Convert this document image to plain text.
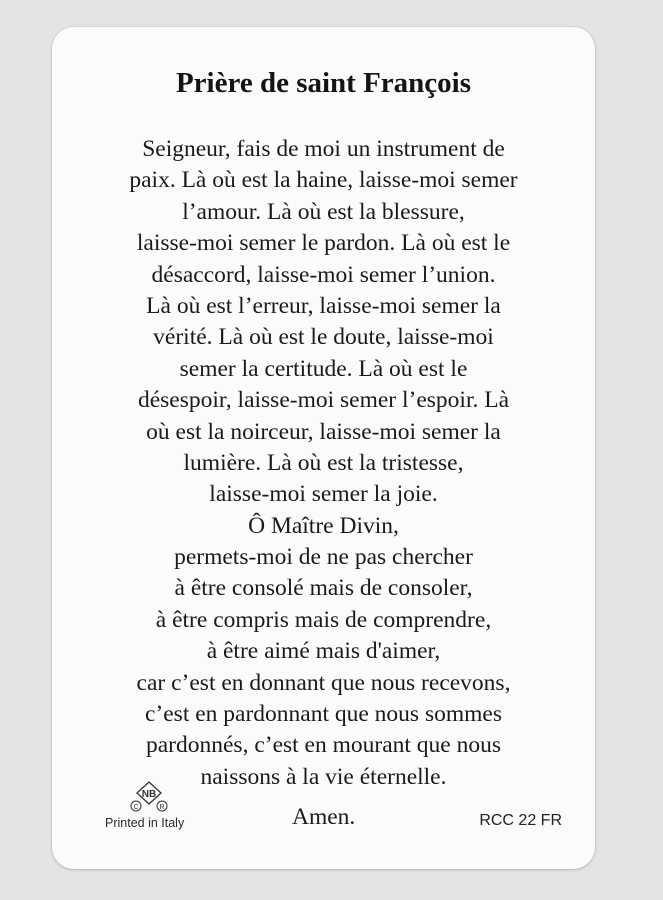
Prière de saint François
Seigneur, fais de moi un instrument de
paix. Là où est la haine, laisse-moi semer
l’amour. Là où est la blessure,
laisse-moi semer le pardon. Là où est le
désaccord, laisse-moi semer l’union.
Là où est l’erreur, laisse-moi semer la
vérité. Là où est le doute, laisse-moi
semer la certitude. Là où est le
désespoir, laisse-moi semer l’espoir. Là
où est la noirceur, laisse-moi semer la
lumière. Là où est la tristesse,
laisse-moi semer la joie.
Ô Maître Divin,
permets-moi de ne pas chercher
à être consolé mais de consoler,
à être compris mais de comprendre,
à être aimé mais d'aimer,
car c’est en donnant que nous recevons,
c’est en pardonnant que nous sommes
pardonnés, c’est en mourant que nous
naissons à la vie éternelle.
Amen.
NB
C	R
Printed in Italy	RCC 22 FR
